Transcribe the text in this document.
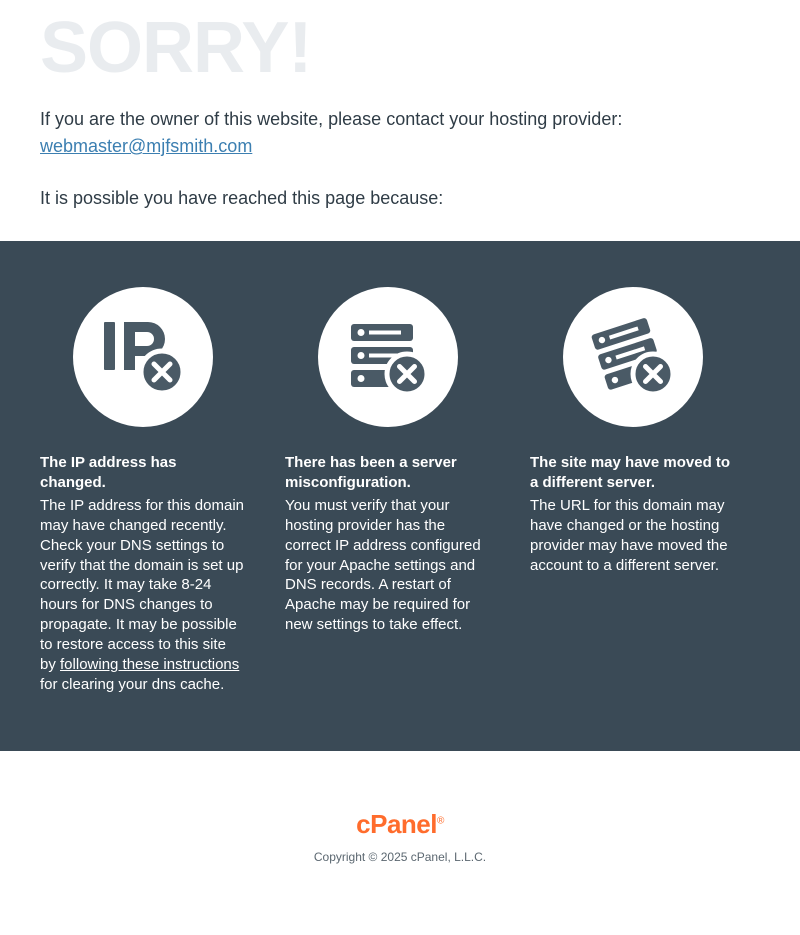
SORRY!

If you are the owner of this website, please contact your hosting provider:

webmaster@mjfsmith.com

It is possible you have reached this page because:

The IP address has changed.

The IP address for this domain may have changed recently. Check your DNS settings to verify that the domain is set up correctly. It may take 8-24 hours for DNS changes to propagate. It may be possible to restore access to this site by following these instructions for clearing your dns cache.

There has been a server misconfiguration.

You must verify that your hosting provider has the correct IP address configured for your Apache settings and DNS records. A restart of Apache may be required for new settings to take effect.

The site may have moved to a different server.

The URL for this domain may have changed or the hosting provider may have moved the account to a different server.

cPanel®
Copyright © 2025 cPanel, L.L.C.
